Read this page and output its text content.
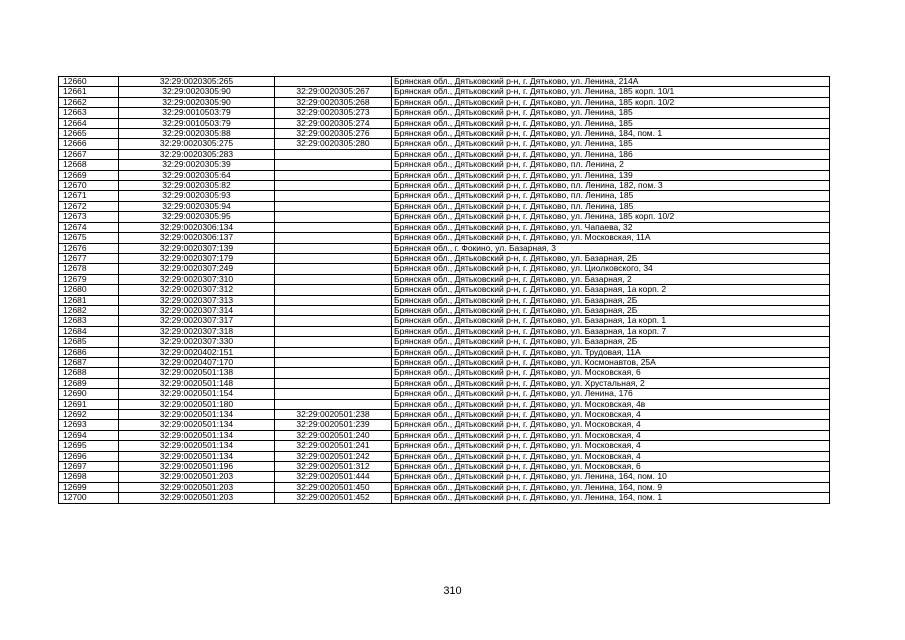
12660	32:29:0020305:265		Брянская обл., Дятьковский р-н, г. Дятьково, ул. Ленина, 214А
12661	32:29:0020305:90	32:29:0020305:267	Брянская обл., Дятьковский р-н, г. Дятьково, ул. Ленина, 185 корп. 10/1
12662	32:29:0020305:90	32:29:0020305:268	Брянская обл., Дятьковский р-н, г. Дятьково, ул. Ленина, 185 корп. 10/2
12663	32:29:0010503:79	32:29:0020305:273	Брянская обл., Дятьковский р-н, г. Дятьково, ул. Ленина, 185
12664	32:29:0010503:79	32:29:0020305:274	Брянская обл., Дятьковский р-н, г. Дятьково, ул. Ленина, 185
12665	32:29:0020305:88	32:29:0020305:276	Брянская обл., Дятьковский р-н, г. Дятьково, ул. Ленина, 184, пом. 1
12666	32:29:0020305:275	32:29:0020305:280	Брянская обл., Дятьковский р-н, г. Дятьково, ул. Ленина, 185
12667	32:29:0020305:283		Брянская обл., Дятьковский р-н, г. Дятьково, ул. Ленина, 186
12668	32:29:0020305:39		Брянская обл., Дятьковский р-н, г. Дятьково, пл. Ленина, 2
12669	32:29:0020305:64		Брянская обл., Дятьковский р-н, г. Дятьково, ул. Ленина, 139
12670	32:29:0020305:82		Брянская обл., Дятьковский р-н, г. Дятьково, пл. Ленина, 182, пом. 3
12671	32:29:0020305:93		Брянская обл., Дятьковский р-н, г. Дятьково, пл. Ленина, 185
12672	32:29:0020305:94		Брянская обл., Дятьковский р-н, г. Дятьково, пл. Ленина, 185
12673	32:29:0020305:95		Брянская обл., Дятьковский р-н, г. Дятьково, ул. Ленина, 185 корп. 10/2
12674	32:29:0020306:134		Брянская обл., Дятьковский р-н, г. Дятьково, ул. Чапаева, 32
12675	32:29:0020306:137		Брянская обл., Дятьковский р-н, г. Дятьково, ул. Московская, 11А
12676	32:29:0020307:139		Брянская обл., г. Фокино, ул. Базарная, 3
12677	32:29:0020307:179		Брянская обл., Дятьковский р-н, г. Дятьково, ул. Базарная, 2Б
12678	32:29:0020307:249		Брянская обл., Дятьковский р-н, г. Дятьково, ул. Циолковского, 34
12679	32:29:0020307:310		Брянская обл., Дятьковский р-н, г. Дятьково, ул. Базарная, 2
12680	32:29:0020307:312		Брянская обл., Дятьковский р-н, г. Дятьково, ул. Базарная, 1а корп. 2
12681	32:29:0020307:313		Брянская обл., Дятьковский р-н, г. Дятьково, ул. Базарная, 2Б
12682	32:29:0020307:314		Брянская обл., Дятьковский р-н, г. Дятьково, ул. Базарная, 2Б
12683	32:29:0020307:317		Брянская обл., Дятьковский р-н, г. Дятьково, ул. Базарная, 1а корп. 1
12684	32:29:0020307:318		Брянская обл., Дятьковский р-н, г. Дятьково, ул. Базарная, 1а корп. 7
12685	32:29:0020307:330		Брянская обл., Дятьковский р-н, г. Дятьково, ул. Базарная, 2Б
12686	32:29:0020402:151		Брянская обл., Дятьковский р-н, г. Дятьково, ул. Трудовая, 11А
12687	32:29:0020407:170		Брянская обл., Дятьковский р-н, г. Дятьково, ул. Космонавтов, 25А
12688	32:29:0020501:138		Брянская обл., Дятьковский р-н, г. Дятьково, ул. Московская, 6
12689	32:29:0020501:148		Брянская обл., Дятьковский р-н, г. Дятьково, ул. Хрустальная, 2
12690	32:29:0020501:154		Брянская обл., Дятьковский р-н, г. Дятьково, ул. Ленина, 176
12691	32:29:0020501:180		Брянская обл., Дятьковский р-н, г. Дятьково, ул. Московская, 4в
12692	32:29:0020501:134	32:29:0020501:238	Брянская обл., Дятьковский р-н, г. Дятьково, ул. Московская, 4
12693	32:29:0020501:134	32:29:0020501:239	Брянская обл., Дятьковский р-н, г. Дятьково, ул. Московская, 4
12694	32:29:0020501:134	32:29:0020501:240	Брянская обл., Дятьковский р-н, г. Дятьково, ул. Московская, 4
12695	32:29:0020501:134	32:29:0020501:241	Брянская обл., Дятьковский р-н, г. Дятьково, ул. Московская, 4
12696	32:29:0020501:134	32:29:0020501:242	Брянская обл., Дятьковский р-н, г. Дятьково, ул. Московская, 4
12697	32:29:0020501:196	32:29:0020501:312	Брянская обл., Дятьковский р-н, г. Дятьково, ул. Московская, 6
12698	32:29:0020501:203	32:29:0020501:444	Брянская обл., Дятьковский р-н, г. Дятьково, ул. Ленина, 164, пом. 10
12699	32:29:0020501:203	32:29:0020501:450	Брянская обл., Дятьковский р-н, г. Дятьково, ул. Ленина, 164, пом. 9
12700	32:29:0020501:203	32:29:0020501:452	Брянская обл., Дятьковский р-н, г. Дятьково, ул. Ленина, 164, пом. 1
310
